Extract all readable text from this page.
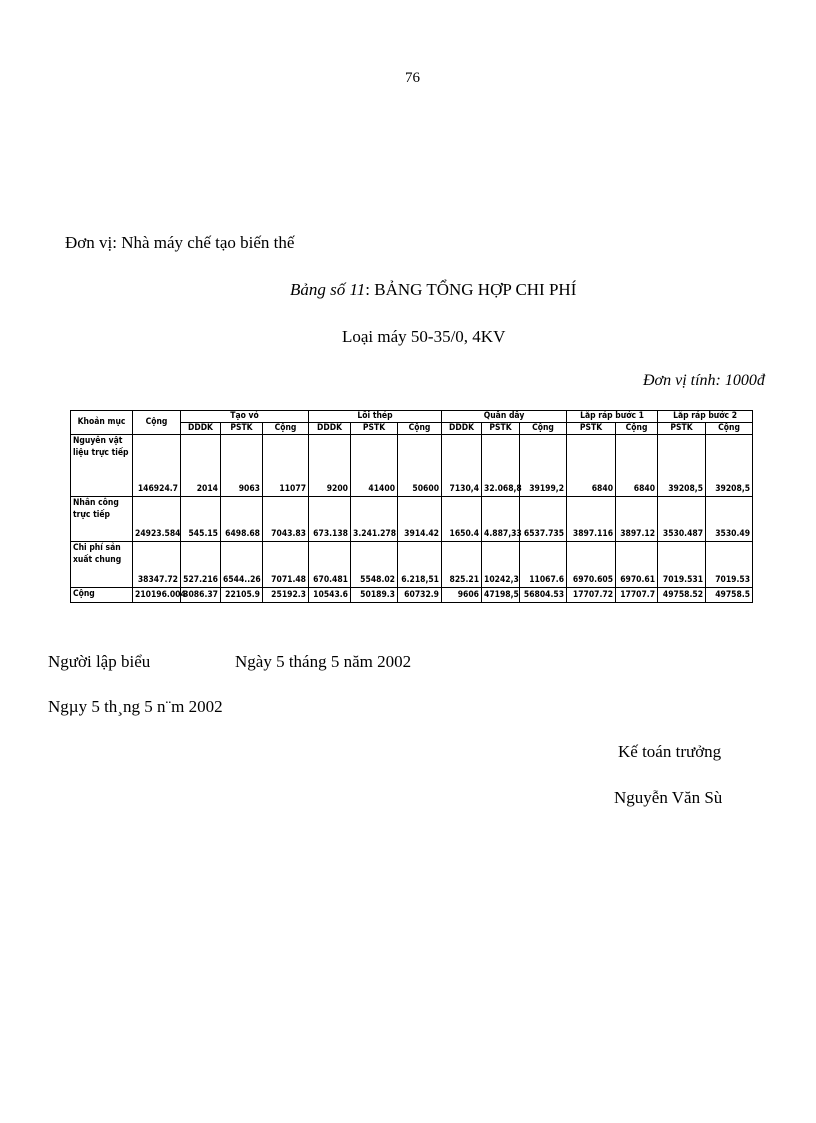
76
Đơn vị: Nhà máy chế tạo biến thế
Bảng số 11: BẢNG TỔNG HỢP CHI PHÍ
Loại máy 50-35/0, 4KV
Đơn vị tính: 1000đ
Khoản mục	Cộng	Tạo vỏ			Lõi thép			Quấn dây			Lắp ráp bước 1		Lắp ráp bước 2	
		DDDK	PSTK	Cộng	DDDK	PSTK	Cộng	DDDK	PSTK	Cộng	PSTK	Cộng	PSTK	Cộng
Nguyên vật liệu trực tiếp	146924.7	2014	9063	11077	9200	41400	50600	7130,4	32.068,8	39199,2	6840	6840	39208,5	39208,5
Nhân công trực tiếp	24923.584	545.15	6498.68	7043.83	673.138	3.241.278	3914.42	1650.4	4.887,33	6537.735	3897.116	3897.12	3530.487	3530.49
Chi phí sản xuất chung	38347.72	527.216	6544..26	7071.48	670.481	5548.02	6.218,51	825.21	10242,3	11067.6	6970.605	6970.61	7019.531	7019.53
Cộng	210196.004	3086.37	22105.9	25192.3	10543.6	50189.3	60732.9	9606	47198,5	56804.53	17707.72	17707.7	49758.52	49758.5
Người lập biểu	Ngày 5 tháng 5 năm 2002
Ngµy 5 th¸ng 5 n¨m 2002
Kế toán trưởng
Nguyễn Văn Sù
